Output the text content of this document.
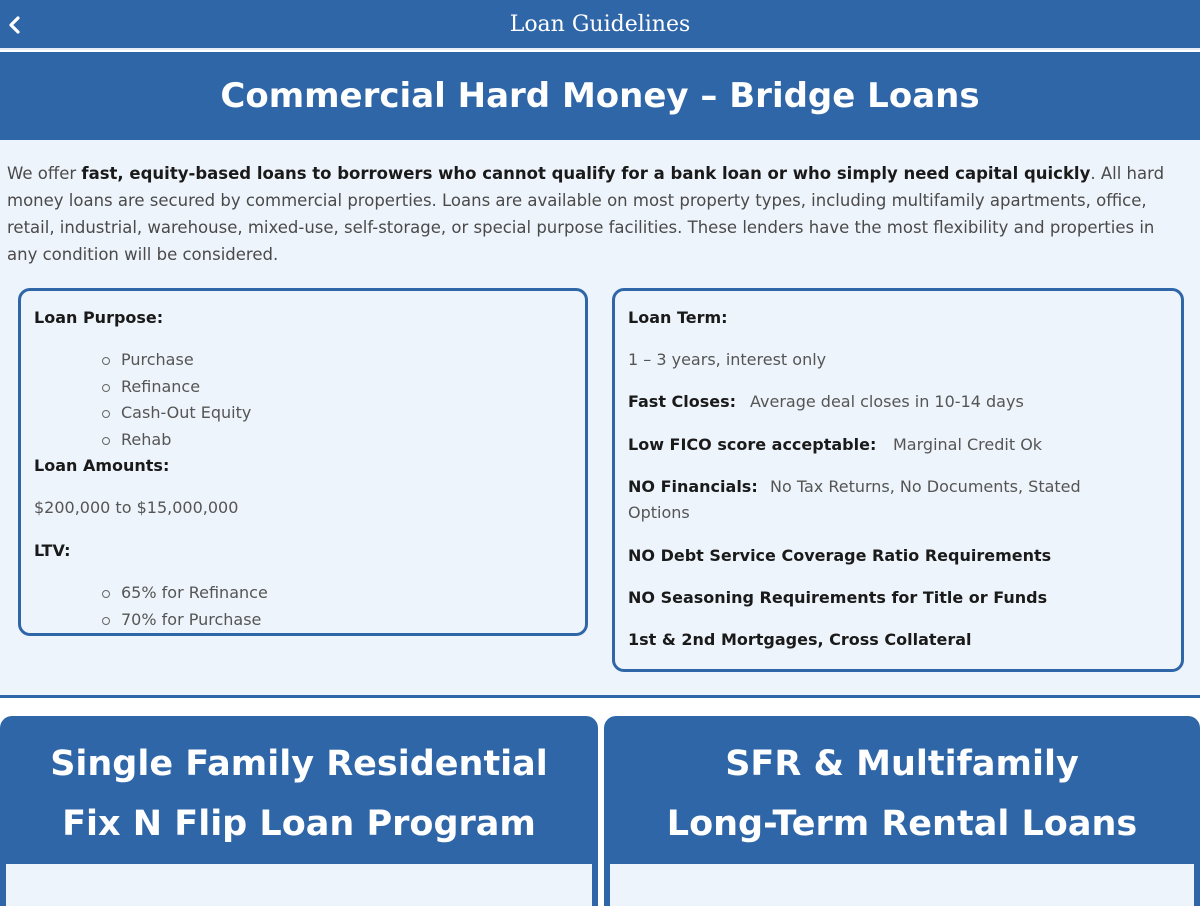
Loan Guidelines
Commercial Hard Money – Bridge Loans

We offer fast, equity-based loans to borrowers who cannot qualify for a bank loan or who simply need capital quickly. All hard money loans are secured by commercial properties. Loans are available on most property types, including multifamily apartments, office, retail, industrial, warehouse, mixed-use, self-storage, or special purpose facilities. These lenders have the most flexibility and properties in any condition will be considered.

Loan Purpose:
Purchase
Refinance
Cash-Out Equity
Rehab
Loan Amounts:
$200,000 to $15,000,000
LTV:
65% for Refinance
70% for Purchase
Loan Term:
1 – 3 years, interest only
Fast Closes: Average deal closes in 10-14 days
Low FICO score acceptable: Marginal Credit Ok
NO Financials: No Tax Returns, No Documents, Stated
Options
NO Debt Service Coverage Ratio Requirements
NO Seasoning Requirements for Title or Funds
1st & 2nd Mortgages, Cross Collateral
Single Family Residential
Fix N Flip Loan Program
SFR & Multifamily
Long-Term Rental Loans
